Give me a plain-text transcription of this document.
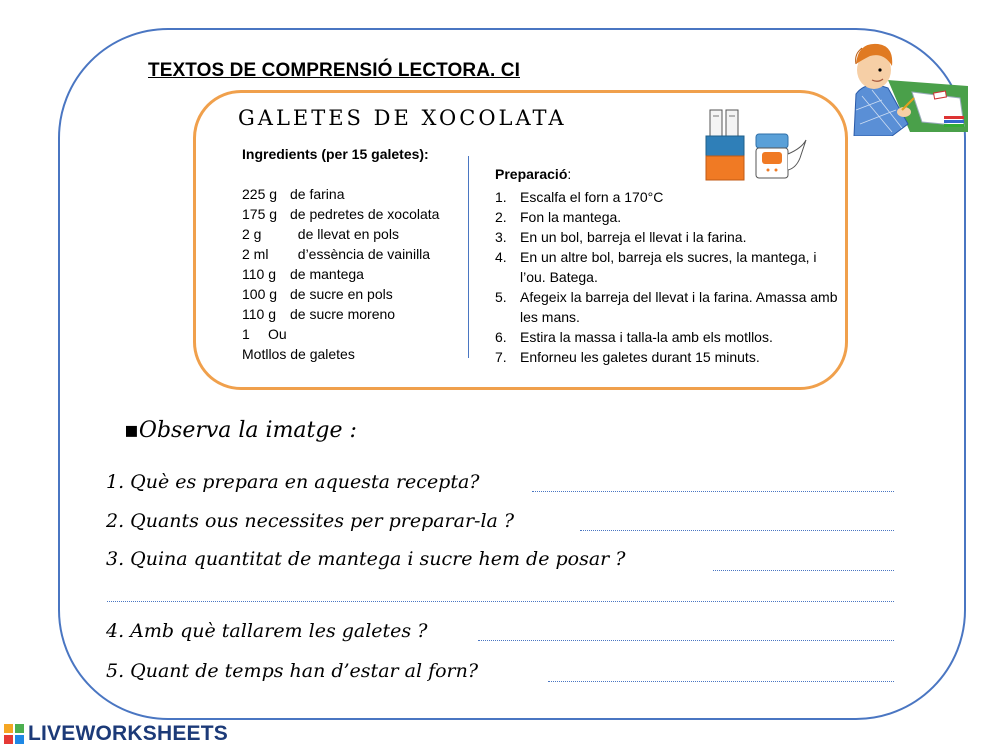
TEXTOS DE COMPRENSIÓ LECTORA. CI
GALETES DE XOCOLATA
Ingredients (per 15 galetes):
225 g de farina
175 g de pedretes de xocolata
2 g  de llevat en pols
2 ml  d’essència de vainilla
110 g de mantega
100 g de sucre en pols
110 g de sucre moreno
1 Ou
Motllos de galetes
Preparació:
1. Escalfa el forn a 170°C
2. Fon la mantega.
3. En un bol, barreja el llevat i la farina.
4. En un altre bol, barreja els sucres, la mantega, i l’ou. Bategа.
5. Afegeix la barreja del llevat i la farina. Amassa amb les mans.
6. Estira la massa i talla-la amb els motllos.
7. Enforneu les galetes durant 15 minuts.
▪Observa la imatge :
1. Què es prepara en aquesta recepta?
2. Quants ous necessites per preparar-la ?
3. Quina quantitat de mantega i sucre hem de posar ?
4. Amb què tallarem les galetes ?
5. Quant de temps han d’estar al forn?
LIVEWORKSHEETS
